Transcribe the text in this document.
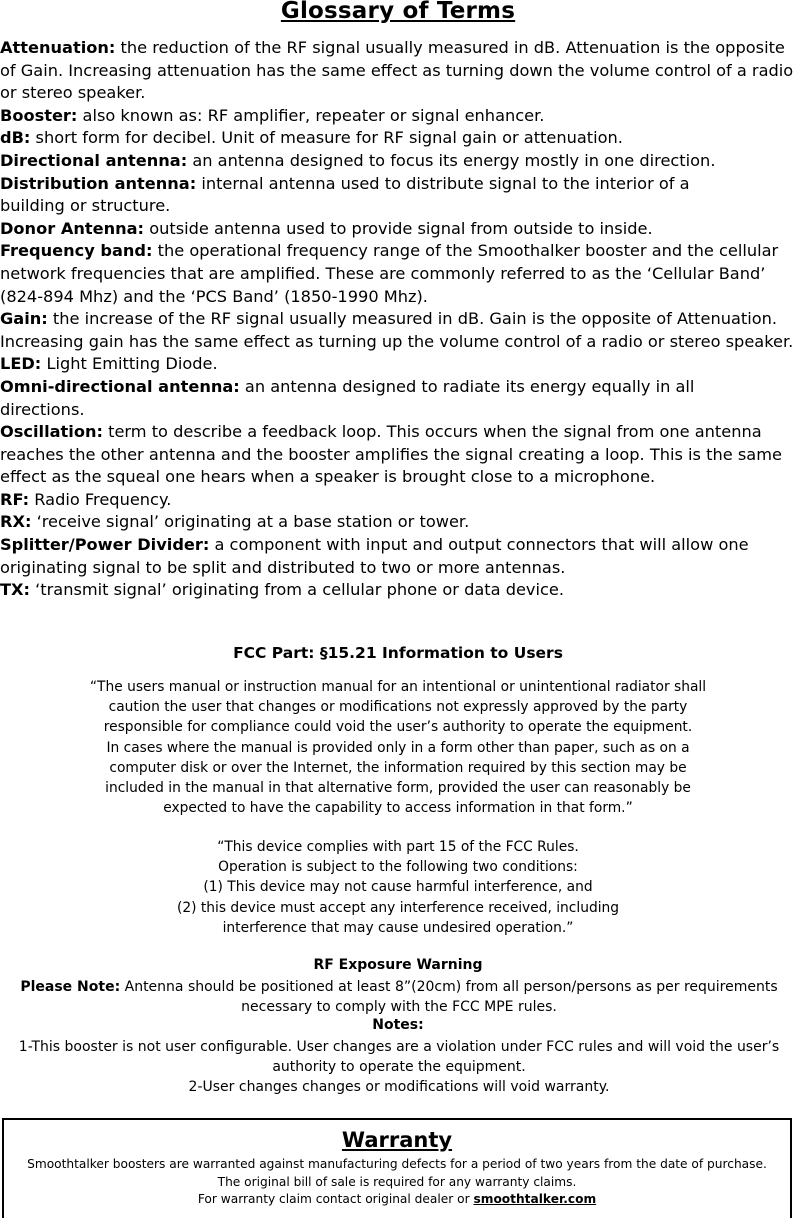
Glossary of Terms

Attenuation: the reduction of the RF signal usually measured in dB. Attenuation is the opposite of Gain. Increasing attenuation has the same effect as turning down the volume control of a radio or stereo speaker.

Booster: also known as: RF amplifier, repeater or signal enhancer.

dB: short form for decibel. Unit of measure for RF signal gain or attenuation.

Directional antenna: an antenna designed to focus its energy mostly in one direction.

Distribution antenna: internal antenna used to distribute signal to the interior of a building or structure.

Donor Antenna: outside antenna used to provide signal from outside to inside.

Frequency band: the operational frequency range of the Smoothalker booster and the cellular network frequencies that are amplified. These are commonly referred to as the ‘Cellular Band’ (824-894 Mhz) and the ‘PCS Band’ (1850-1990 Mhz).

Gain: the increase of the RF signal usually measured in dB. Gain is the opposite of Attenuation. Increasing gain has the same effect as turning up the volume control of a radio or stereo speaker.

LED: Light Emitting Diode.

Omni-directional antenna: an antenna designed to radiate its energy equally in all directions.

Oscillation: term to describe a feedback loop. This occurs when the signal from one antenna reaches the other antenna and the booster amplifies the signal creating a loop. This is the same effect as the squeal one hears when a speaker is brought close to a microphone.

RF: Radio Frequency.

RX: ‘receive signal’ originating at a base station or tower.

Splitter/Power Divider: a component with input and output connectors that will allow one originating signal to be split and distributed to two or more antennas.

TX: ‘transmit signal’ originating from a cellular phone or data device.

FCC Part: §15.21 Information to Users
“The users manual or instruction manual for an intentional or unintentional radiator shall
caution the user that changes or modifications not expressly approved by the party
responsible for compliance could void the user’s authority to operate the equipment.
In cases where the manual is provided only in a form other than paper, such as on a
computer disk or over the Internet, the information required by this section may be
included in the manual in that alternative form, provided the user can reasonably be
expected to have the capability to access information in that form.”
“This device complies with part 15 of the FCC Rules.
Operation is subject to the following two conditions:
(1) This device may not cause harmful interference, and
(2) this device must accept any interference received, including
interference that may cause undesired operation.”
RF Exposure Warning
Please Note: Antenna should be positioned at least 8”(20cm) from all person/persons as per requirements necessary to comply with the FCC MPE rules.
Notes:
1-This booster is not user configurable. User changes are a violation under FCC rules and will void the user’s authority to operate the equipment.
2-User changes changes or modifications will void warranty.
Warranty
Smoothtalker boosters are warranted against manufacturing defects for a period of two years from the date of purchase.
The original bill of sale is required for any warranty claims.
For warranty claim contact original dealer or smoothtalker.com
